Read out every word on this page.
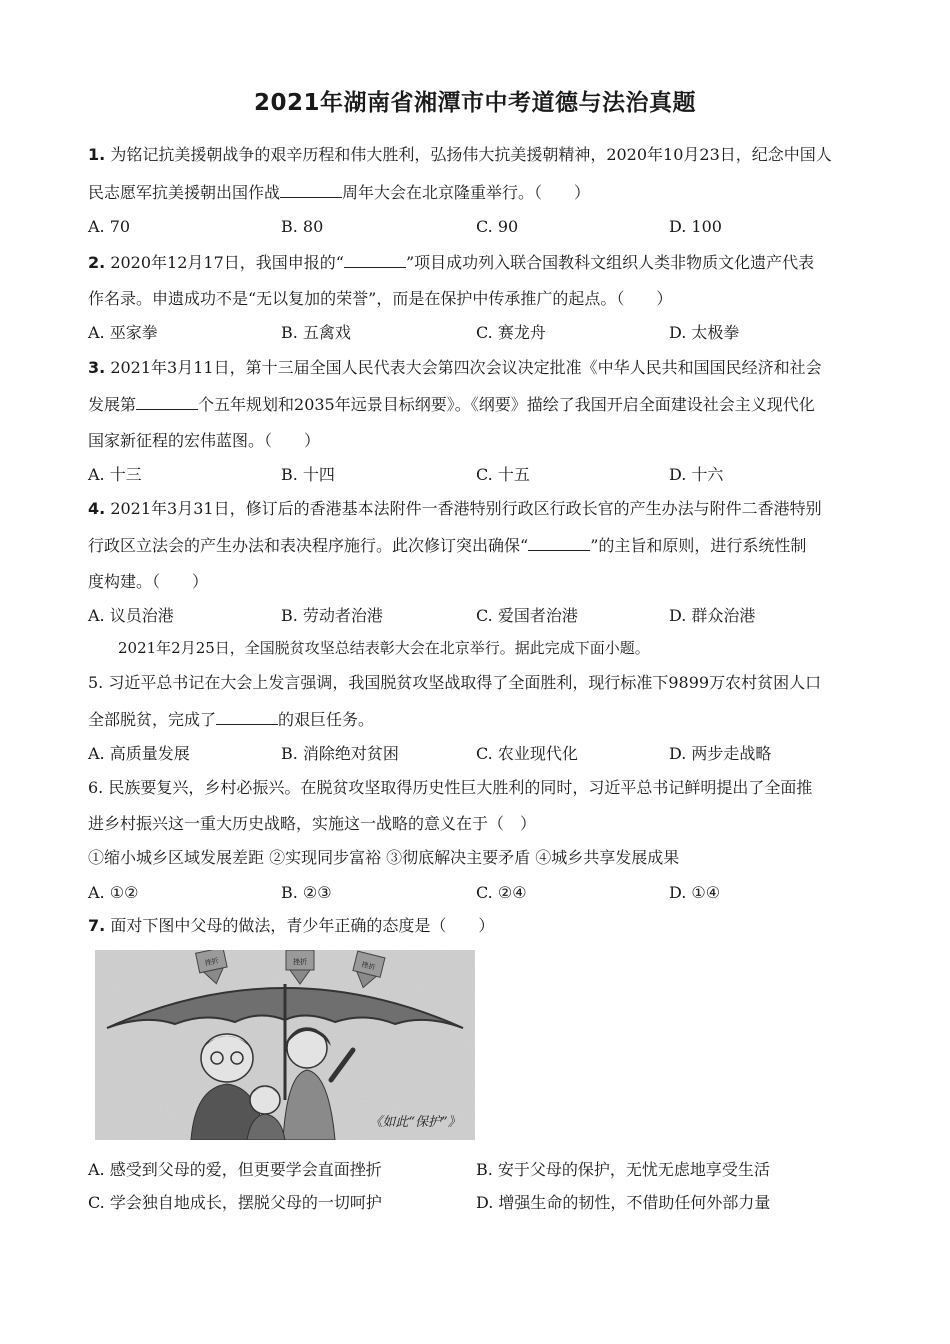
2021年湖南省湘潭市中考道德与法治真题
1. 为铭记抗美援朝战争的艰辛历程和伟大胜利，弘扬伟大抗美援朝精神，2020年10月23日，纪念中国人
民志愿军抗美援朝出国作战	周年大会在北京隆重举行。（　　）
A. 70	B. 80	C. 90	D. 100
2. 2020年12月17日，我国申报的“	”项目成功列入联合国教科文组织人类非物质文化遗产代表
作名录。申遗成功不是“无以复加的荣誉”，而是在保护中传承推广的起点。（　　）
A. 巫家拳	B. 五禽戏	C. 赛龙舟	D. 太极拳
3. 2021年3月11日，第十三届全国人民代表大会第四次会议决定批准《中华人民共和国国民经济和社会
发展第	个五年规划和2035年远景目标纲要》。《纲要》描绘了我国开启全面建设社会主义现代化
国家新征程的宏伟蓝图。（　　）
A. 十三	B. 十四	C. 十五	D. 十六
4. 2021年3月31日，修订后的香港基本法附件一香港特别行政区行政长官的产生办法与附件二香港特别
行政区立法会的产生办法和表决程序施行。此次修订突出确保“	”的主旨和原则，进行系统性制
度构建。（　　）
A. 议员治港	B. 劳动者治港	C. 爱国者治港	D. 群众治港
2021年2月25日，全国脱贫攻坚总结表彰大会在北京举行。据此完成下面小题。
5. 习近平总书记在大会上发言强调，我国脱贫攻坚战取得了全面胜利，现行标准下9899万农村贫困人口
全部脱贫，完成了	的艰巨任务。
A. 高质量发展	B. 消除绝对贫困	C. 农业现代化	D. 两步走战略
6. 民族要复兴，乡村必振兴。在脱贫攻坚取得历史性巨大胜利的同时，习近平总书记鲜明提出了全面推
进乡村振兴这一重大历史战略，实施这一战略的意义在于（　）
①缩小城乡区域发展差距 ②实现同步富裕 ③彻底解决主要矛盾 ④城乡共享发展成果
A. ①②	B. ②③	C. ②④	D. ①④
7. 面对下图中父母的做法，青少年正确的态度是（　　）
挫折	挫折	挫折
《如此“保护”》
A. 感受到父母的爱，但更要学会直面挫折	B. 安于父母的保护，无忧无虑地享受生活
C. 学会独自地成长，摆脱父母的一切呵护	D. 增强生命的韧性，不借助任何外部力量
